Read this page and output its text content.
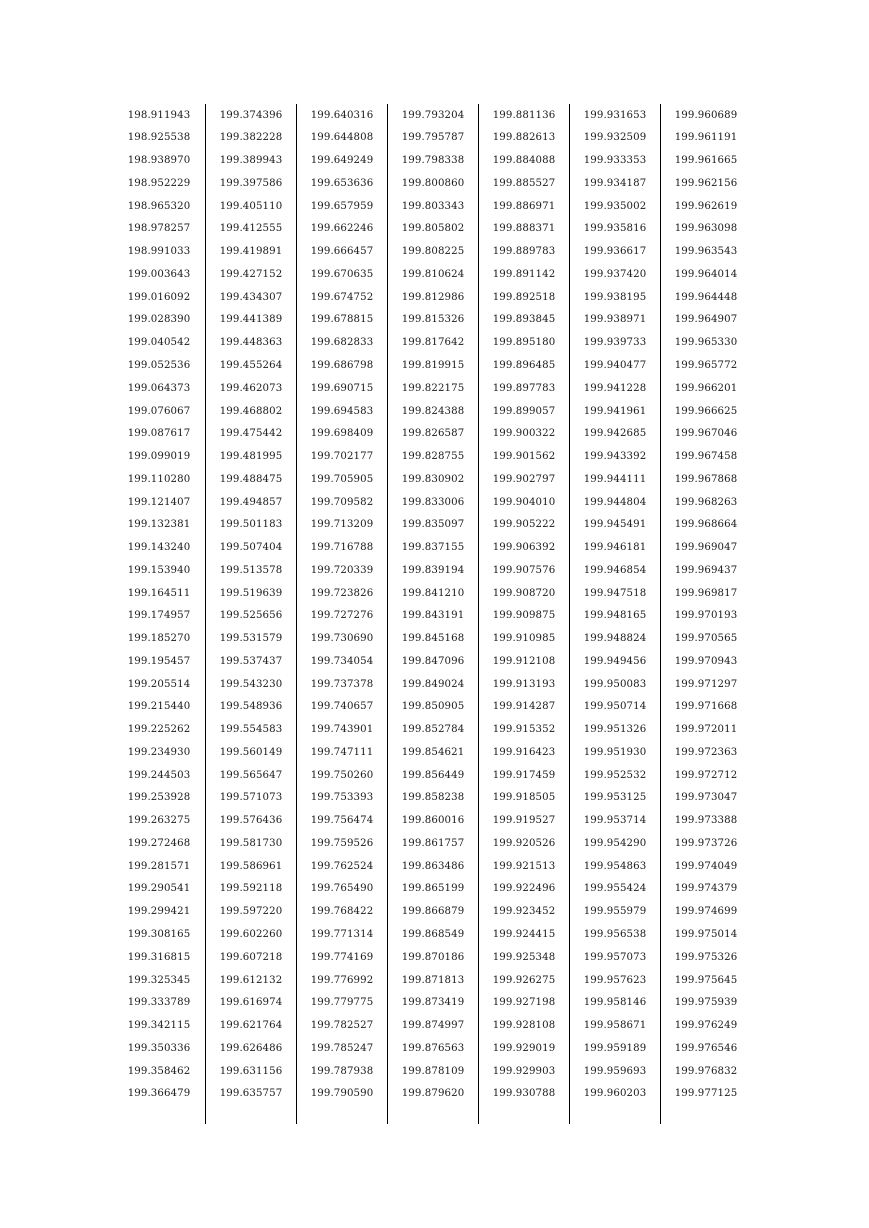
198.911943
198.925538
198.938970
198.952229
198.965320
198.978257
198.991033
199.003643
199.016092
199.028390
199.040542
199.052536
199.064373
199.076067
199.087617
199.099019
199.110280
199.121407
199.132381
199.143240
199.153940
199.164511
199.174957
199.185270
199.195457
199.205514
199.215440
199.225262
199.234930
199.244503
199.253928
199.263275
199.272468
199.281571
199.290541
199.299421
199.308165
199.316815
199.325345
199.333789
199.342115
199.350336
199.358462
199.366479
199.374396
199.382228
199.389943
199.397586
199.405110
199.412555
199.419891
199.427152
199.434307
199.441389
199.448363
199.455264
199.462073
199.468802
199.475442
199.481995
199.488475
199.494857
199.501183
199.507404
199.513578
199.519639
199.525656
199.531579
199.537437
199.543230
199.548936
199.554583
199.560149
199.565647
199.571073
199.576436
199.581730
199.586961
199.592118
199.597220
199.602260
199.607218
199.612132
199.616974
199.621764
199.626486
199.631156
199.635757
199.640316
199.644808
199.649249
199.653636
199.657959
199.662246
199.666457
199.670635
199.674752
199.678815
199.682833
199.686798
199.690715
199.694583
199.698409
199.702177
199.705905
199.709582
199.713209
199.716788
199.720339
199.723826
199.727276
199.730690
199.734054
199.737378
199.740657
199.743901
199.747111
199.750260
199.753393
199.756474
199.759526
199.762524
199.765490
199.768422
199.771314
199.774169
199.776992
199.779775
199.782527
199.785247
199.787938
199.790590
199.793204
199.795787
199.798338
199.800860
199.803343
199.805802
199.808225
199.810624
199.812986
199.815326
199.817642
199.819915
199.822175
199.824388
199.826587
199.828755
199.830902
199.833006
199.835097
199.837155
199.839194
199.841210
199.843191
199.845168
199.847096
199.849024
199.850905
199.852784
199.854621
199.856449
199.858238
199.860016
199.861757
199.863486
199.865199
199.866879
199.868549
199.870186
199.871813
199.873419
199.874997
199.876563
199.878109
199.879620
199.881136
199.882613
199.884088
199.885527
199.886971
199.888371
199.889783
199.891142
199.892518
199.893845
199.895180
199.896485
199.897783
199.899057
199.900322
199.901562
199.902797
199.904010
199.905222
199.906392
199.907576
199.908720
199.909875
199.910985
199.912108
199.913193
199.914287
199.915352
199.916423
199.917459
199.918505
199.919527
199.920526
199.921513
199.922496
199.923452
199.924415
199.925348
199.926275
199.927198
199.928108
199.929019
199.929903
199.930788
199.931653
199.932509
199.933353
199.934187
199.935002
199.935816
199.936617
199.937420
199.938195
199.938971
199.939733
199.940477
199.941228
199.941961
199.942685
199.943392
199.944111
199.944804
199.945491
199.946181
199.946854
199.947518
199.948165
199.948824
199.949456
199.950083
199.950714
199.951326
199.951930
199.952532
199.953125
199.953714
199.954290
199.954863
199.955424
199.955979
199.956538
199.957073
199.957623
199.958146
199.958671
199.959189
199.959693
199.960203
199.960689
199.961191
199.961665
199.962156
199.962619
199.963098
199.963543
199.964014
199.964448
199.964907
199.965330
199.965772
199.966201
199.966625
199.967046
199.967458
199.967868
199.968263
199.968664
199.969047
199.969437
199.969817
199.970193
199.970565
199.970943
199.971297
199.971668
199.972011
199.972363
199.972712
199.973047
199.973388
199.973726
199.974049
199.974379
199.974699
199.975014
199.975326
199.975645
199.975939
199.976249
199.976546
199.976832
199.977125
